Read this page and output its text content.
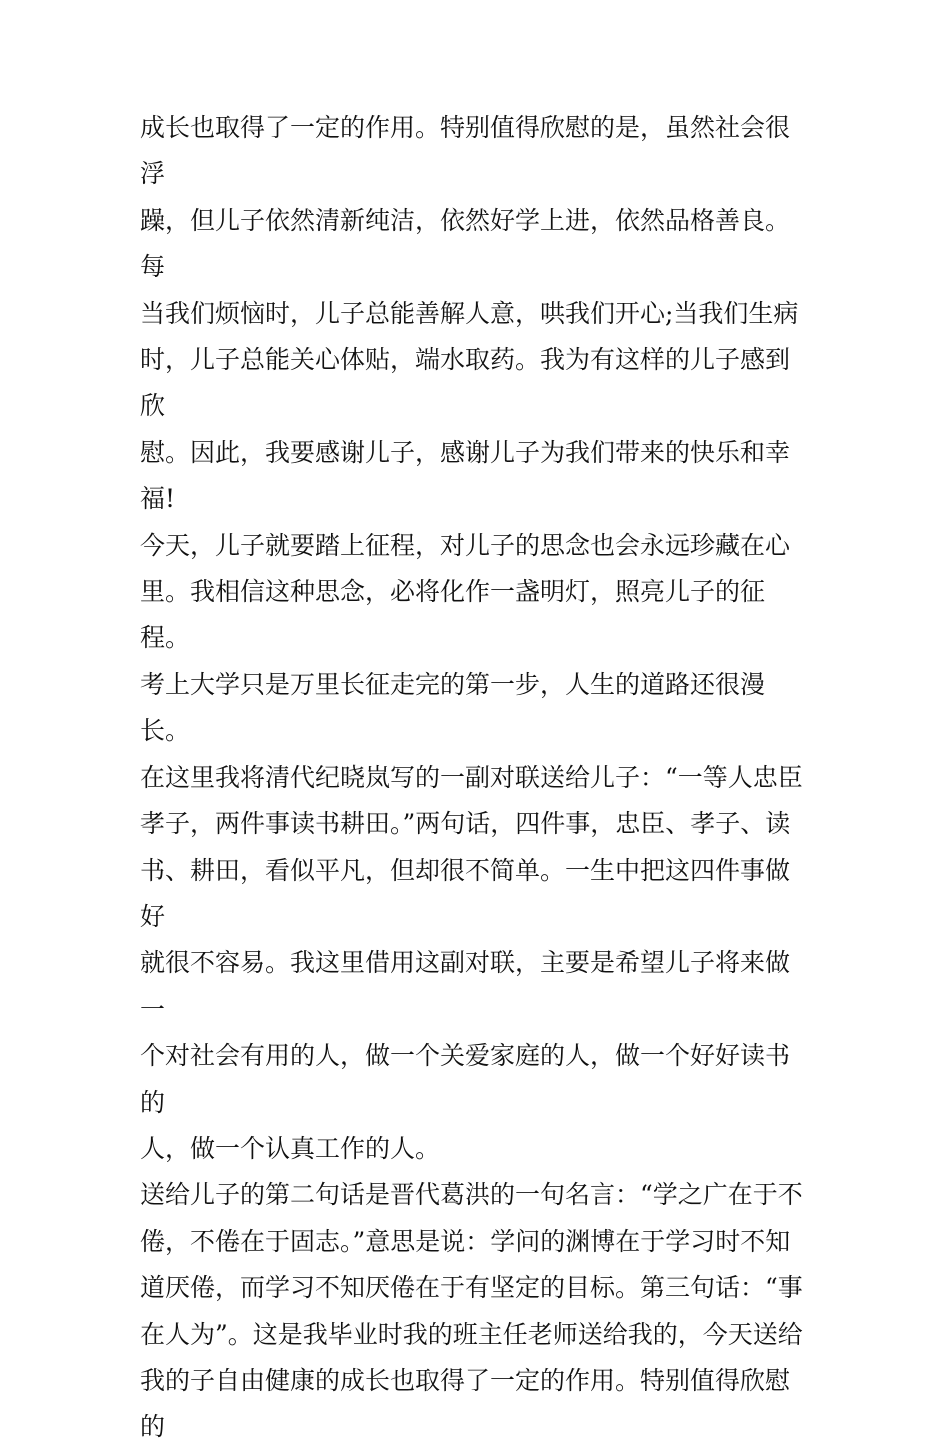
成长也取得了一定的作用。特别值得欣慰的是，虽然社会很浮
躁，但儿子依然清新纯洁，依然好学上进，依然品格善良。每
当我们烦恼时，儿子总能善解人意，哄我们开心;当我们生病
时，儿子总能关心体贴，端水取药。我为有这样的儿子感到欣
慰。因此，我要感谢儿子，感谢儿子为我们带来的快乐和幸
福!

今天，儿子就要踏上征程，对儿子的思念也会永远珍藏在心
里。我相信这种思念，必将化作一盏明灯，照亮儿子的征程。
考上大学只是万里长征走完的第一步，人生的道路还很漫长。
在这里我将清代纪晓岚写的一副对联送给儿子：“一等人忠臣
孝子，两件事读书耕田。”两句话，四件事，忠臣、孝子、读
书、耕田，看似平凡，但却很不简单。一生中把这四件事做好
就很不容易。我这里借用这副对联，主要是希望儿子将来做一
个对社会有用的人，做一个关爱家庭的人，做一个好好读书的
人，做一个认真工作的人。

送给儿子的第二句话是晋代葛洪的一句名言：“学之广在于不
倦，不倦在于固志。”意思是说：学问的渊博在于学习时不知
道厌倦，而学习不知厌倦在于有坚定的目标。第三句话：“事
在人为”。这是我毕业时我的班主任老师送给我的，今天送给
我的子自由健康的成长也取得了一定的作用。特别值得欣慰的
